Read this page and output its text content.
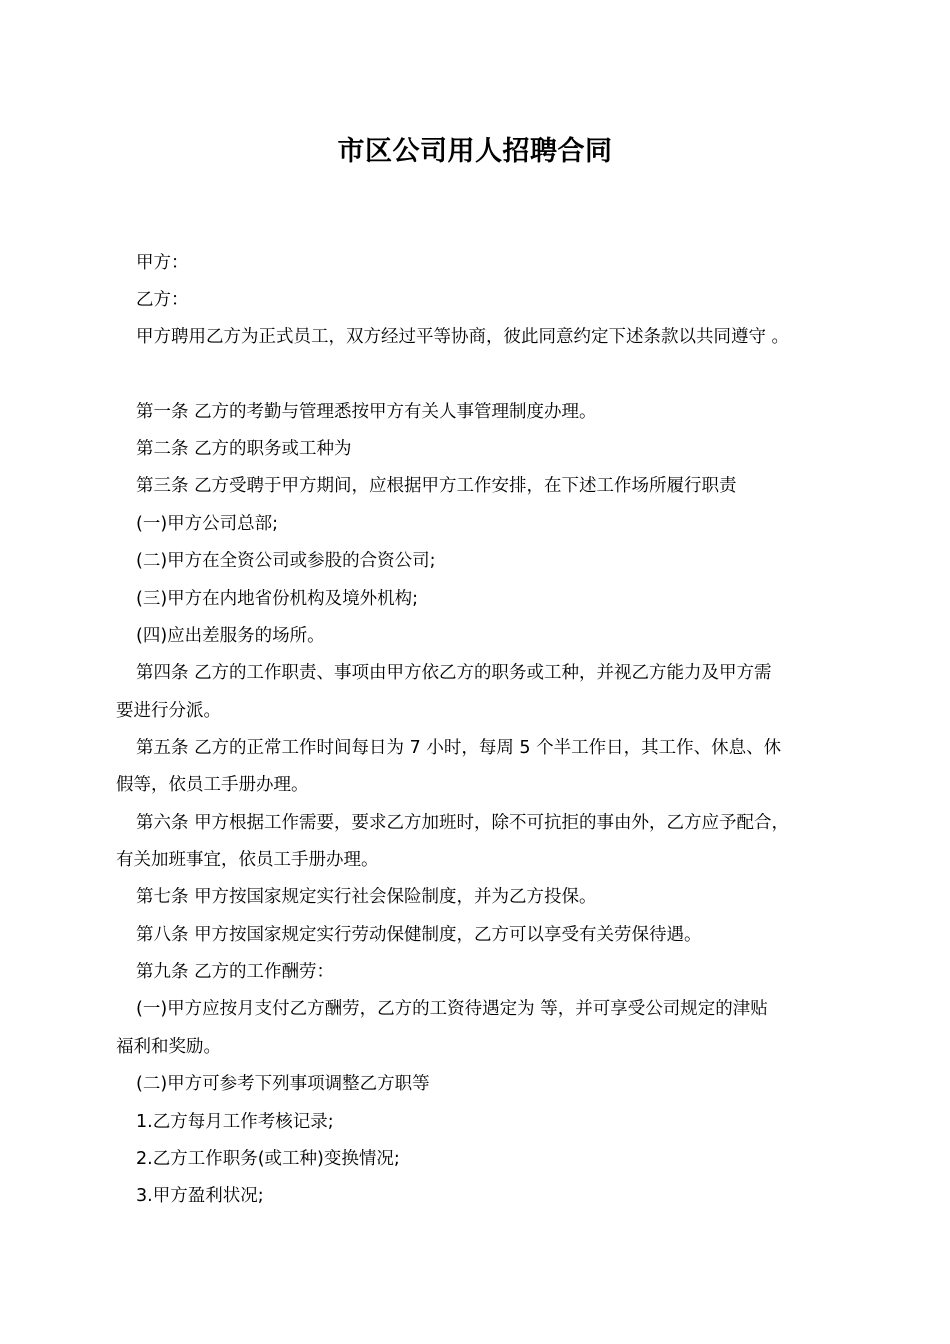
市区公司用人招聘合同
甲方：
乙方：
甲方聘用乙方为正式员工，双方经过平等协商，彼此同意约定下述条款以共同遵守 。
第一条 乙方的考勤与管理悉按甲方有关人事管理制度办理。
第二条 乙方的职务或工种为
第三条 乙方受聘于甲方期间，应根据甲方工作安排，在下述工作场所履行职责
(一)甲方公司总部;
(二)甲方在全资公司或参股的合资公司;
(三)甲方在内地省份机构及境外机构;
(四)应出差服务的场所。
第四条 乙方的工作职责、事项由甲方依乙方的职务或工种，并视乙方能力及甲方需
要进行分派。
第五条 乙方的正常工作时间每日为 7 小时，每周 5 个半工作日，其工作、休息、休
假等，依员工手册办理。
第六条 甲方根据工作需要，要求乙方加班时，除不可抗拒的事由外，乙方应予配合，
有关加班事宜，依员工手册办理。
第七条 甲方按国家规定实行社会保险制度，并为乙方投保。
第八条 甲方按国家规定实行劳动保健制度，乙方可以享受有关劳保待遇。
第九条 乙方的工作酬劳：
(一)甲方应按月支付乙方酬劳，乙方的工资待遇定为 等，并可享受公司规定的津贴
福利和奖励。
(二)甲方可参考下列事项调整乙方职等
1.乙方每月工作考核记录;
2.乙方工作职务(或工种)变换情况;
3.甲方盈利状况;
